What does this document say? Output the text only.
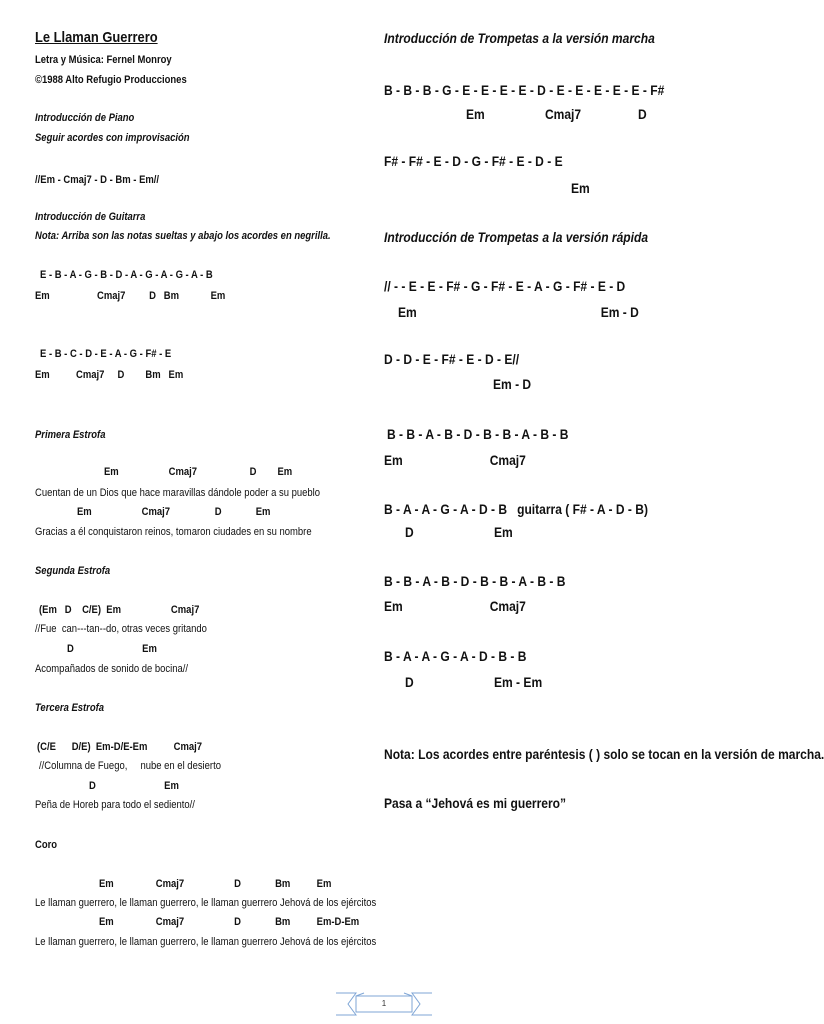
Le Llaman Guerrero
Letra y Música: Fernel Monroy
©1988 Alto Refugio Producciones
Introducción de Piano
Seguir acordes con improvisación
//Em - Cmaj7 - D - Bm - Em//
Introducción de Guitarra
Nota: Arriba son las notas sueltas y abajo los acordes en negrilla.
E - B - A - G - B - D - A - G - A - G - A - B
Em                  Cmaj7         D   Bm            Em
E - B - C - D - E - A - G - F# - E
Em          Cmaj7     D        Bm   Em
Primera Estrofa
Em                   Cmaj7                    D        Em
Cuentan de un Dios que hace maravillas dándole poder a su pueblo
Em                   Cmaj7                 D             Em
Gracias a él conquistaron reinos, tomaron ciudades en su nombre
Segunda Estrofa
(Em   D    C/E)  Em                   Cmaj7
//Fue  can---tan--do, otras veces gritando
D                          Em
Acompañados de sonido de bocina//
Tercera Estrofa
(C/E      D/E)  Em-D/E-Em          Cmaj7
//Columna de Fuego,     nube en el desierto
D                          Em
Peña de Horeb para todo el sediento//
Coro
Em                Cmaj7                   D             Bm          Em
Le llaman guerrero, le llaman guerrero, le llaman guerrero Jehová de los ejércitos
Em                Cmaj7                   D             Bm          Em-D-Em
Le llaman guerrero, le llaman guerrero, le llaman guerrero Jehová de los ejércitos
Introducción de Trompetas a la versión marcha
B - B - B - G - E - E - E - E - D - E - E - E - E - E - F#
Em                  Cmaj7                 D
F# - F# - E - D - G - F# - E - D - E
Em
Introducción de Trompetas a la versión rápida
// - - E - E - F# - G - F# - E - A - G - F# - E - D
Em                                                       Em - D
D - D - E - F# - E - D - E//
Em - D
B - B - A - B - D - B - B - A - B - B
Em                          Cmaj7
B - A - A - G - A - D - B   guitarra ( F# - A - D - B)
D                        Em
B - B - A - B - D - B - B - A - B - B
Em                          Cmaj7
B - A - A - G - A - D - B - B
D                        Em - Em
Nota: Los acordes entre paréntesis ( ) solo se tocan en la versión de marcha.
Pasa a “Jehová es mi guerrero”
1
